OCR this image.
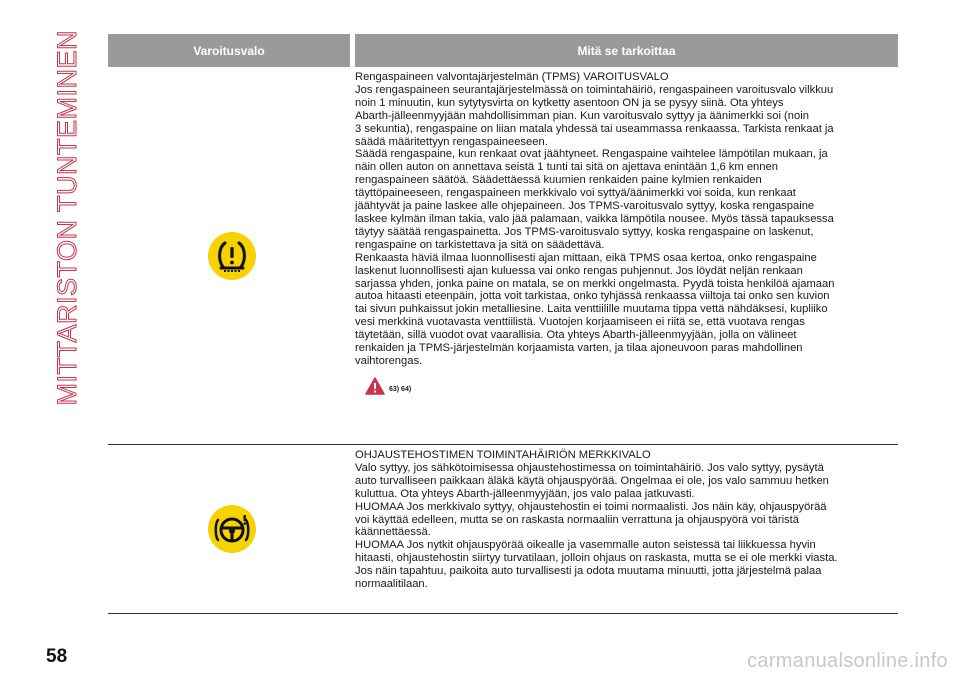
MITTARISTON TUNTEMINEN	Varoitusvalo	Mitä se tarkoittaa

Rengaspaineen valvontajärjestelmän (TPMS) VAROITUSVALO

Jos rengaspaineen seurantajärjestelmässä on toimintahäiriö, rengaspaineen varoitusvalo vilkkuu

noin 1 minuutin, kun sytytysvirta on kytketty asentoon ON ja se pysyy siinä. Ota yhteys

Abarth-jälleenmyyjään mahdollisimman pian. Kun varoitusvalo syttyy ja äänimerkki soi (noin

3 sekuntia), rengaspaine on liian matala yhdessä tai useammassa renkaassa. Tarkista renkaat ja

säädä määritettyyn rengaspaineeseen.

Säädä rengaspaine, kun renkaat ovat jäähtyneet. Rengaspaine vaihtelee lämpötilan mukaan, ja

näin ollen auton on annettava seistä 1 tunti tai sitä on ajettava enintään 1,6 km ennen

rengaspaineen säätöä. Säädettäessä kuumien renkaiden paine kylmien renkaiden

täyttöpaineeseen, rengaspaineen merkkivalo voi syttyä/äänimerkki voi soida, kun renkaat

jäähtyvät ja paine laskee alle ohjepaineen. Jos TPMS-varoitusvalo syttyy, koska rengaspaine

laskee kylmän ilman takia, valo jää palamaan, vaikka lämpötila nousee. Myös tässä tapauksessa

täytyy säätää rengaspainetta. Jos TPMS-varoitusvalo syttyy, koska rengaspaine on laskenut,

rengaspaine on tarkistettava ja sitä on säädettävä.

Renkaasta häviä ilmaa luonnollisesti ajan mittaan, eikä TPMS osaa kertoa, onko rengaspaine

laskenut luonnollisesti ajan kuluessa vai onko rengas puhjennut. Jos löydät neljän renkaan

sarjassa yhden, jonka paine on matala, se on merkki ongelmasta. Pyydä toista henkilöä ajamaan

autoa hitaasti eteenpäin, jotta voit tarkistaa, onko tyhjässä renkaassa viiltoja tai onko sen kuvion

tai sivun puhkaissut jokin metalliesine. Laita venttiilille muutama tippa vettä nähdäksesi, kupliiko

vesi merkkinä vuotavasta venttiilistä. Vuotojen korjaamiseen ei riitä se, että vuotava rengas

täytetään, sillä vuodot ovat vaarallisia. Ota yhteys Abarth-jälleenmyyjään, jolla on välineet

renkaiden ja TPMS-järjestelmän korjaamista varten, ja tilaa ajoneuvoon paras mahdollinen

vaihtorengas.

63) 64)

OHJAUSTEHOSTIMEN TOIMINTAHÄIRIÖN MERKKIVALO

Valo syttyy, jos sähkötoimisessa ohjaustehostimessa on toimintahäiriö. Jos valo syttyy, pysäytä

auto turvalliseen paikkaan äläkä käytä ohjauspyörää. Ongelmaa ei ole, jos valo sammuu hetken

kuluttua. Ota yhteys Abarth-jälleenmyyjään, jos valo palaa jatkuvasti.

HUOMAA Jos merkkivalo syttyy, ohjaustehostin ei toimi normaalisti. Jos näin käy, ohjauspyörää

voi käyttää edelleen, mutta se on raskasta normaaliin verrattuna ja ohjauspyörä voi täristä

käännettäessä.

HUOMAA Jos nytkit ohjauspyörää oikealle ja vasemmalle auton seistessä tai liikkuessa hyvin

hitaasti, ohjaustehostin siirtyy turvatilaan, jolloin ohjaus on raskasta, mutta se ei ole merkki viasta.

Jos näin tapahtuu, paikoita auto turvallisesti ja odota muutama minuutti, jotta järjestelmä palaa

normaalitilaan.

58	carmanualsonline.info
